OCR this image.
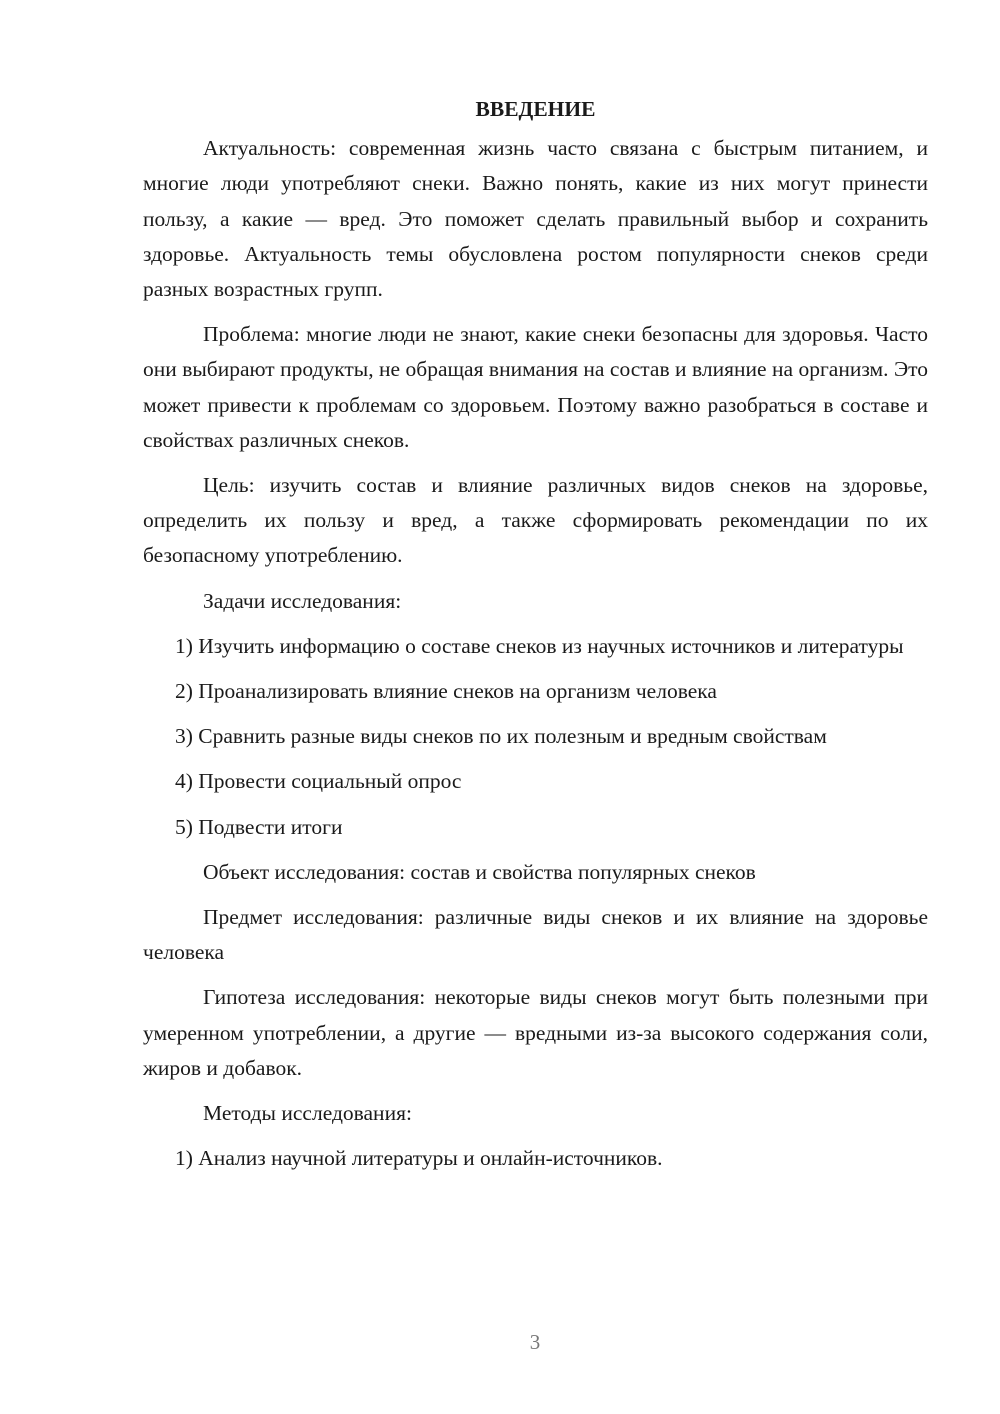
ВВЕДЕНИЕ

Актуальность: современная жизнь часто связана с быстрым питанием, и многие люди употребляют снеки. Важно понять, какие из них могут принести пользу, а какие — вред. Это поможет сделать правильный выбор и сохранить здоровье. Актуальность темы обусловлена ростом популярности снеков среди разных возрастных групп.

Проблема: многие люди не знают, какие снеки безопасны для здоровья. Часто они выбирают продукты, не обращая внимания на состав и влияние на организм. Это может привести к проблемам со здоровьем. Поэтому важно разобраться в составе и свойствах различных снеков.

Цель: изучить состав и влияние различных видов снеков на здоровье, определить их пользу и вред, а также сформировать рекомендации по их безопасному употреблению.

Задачи исследования:

1) Изучить информацию о составе снеков из научных источников и литературы

2) Проанализировать влияние снеков на организм человека

3) Сравнить разные виды снеков по их полезным и вредным свойствам

4) Провести социальный опрос

5) Подвести итоги

Объект исследования: состав и свойства популярных снеков

Предмет исследования: различные виды снеков и их влияние на здоровье человека

Гипотеза исследования: некоторые виды снеков могут быть полезными при умеренном употреблении, а другие — вредными из-за высокого содержания соли, жиров и добавок.

Методы исследования:

1) Анализ научной литературы и онлайн-источников.

3
